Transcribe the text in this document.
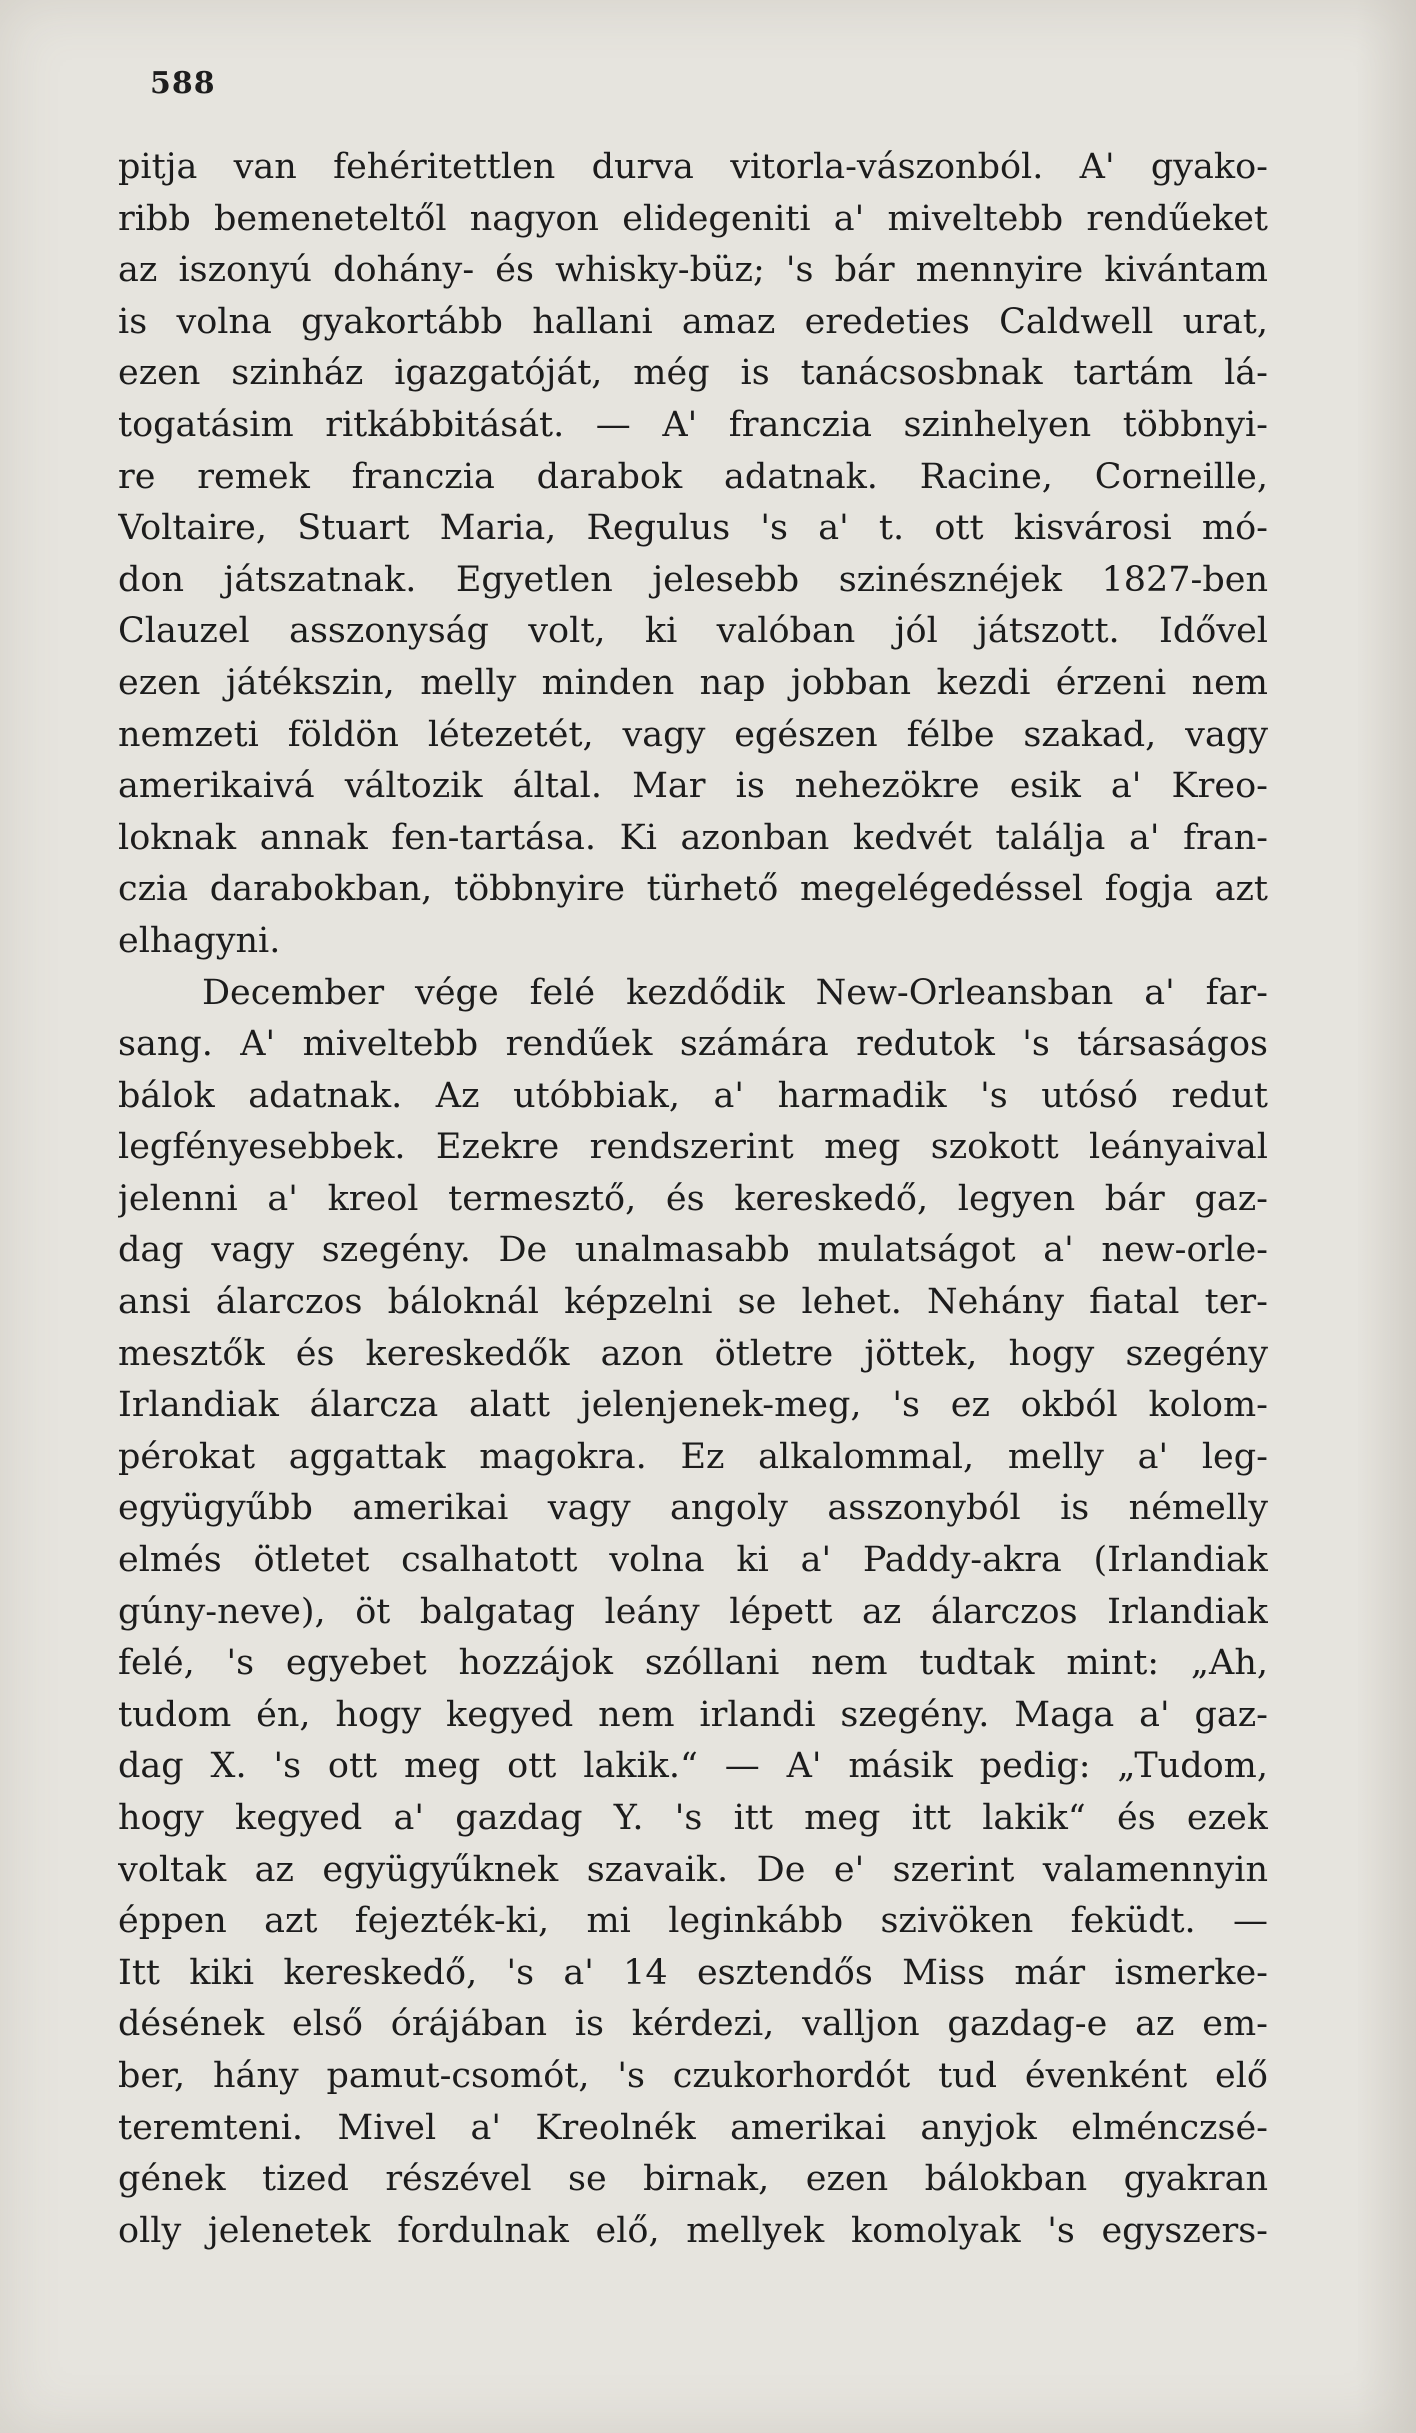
588
pitja van fehéritettlen durva vitorla-vászonból. A' gyako-
ribb bemeneteltől nagyon elidegeniti a' miveltebb rendűeket
az iszonyú dohány- és whisky-büz; 's bár mennyire kivántam
is volna gyakortább hallani amaz eredeties Caldwell urat,
ezen szinház igazgatóját, még is tanácsosbnak tartám lá-
togatásim ritkábbitását. — A' franczia szinhelyen többnyi-
re remek franczia darabok adatnak. Racine, Corneille,
Voltaire, Stuart Maria, Regulus 's a' t. ott kisvárosi mó-
don játszatnak. Egyetlen jelesebb szinésznéjek 1827-ben
Clauzel asszonyság volt, ki valóban jól játszott. Idővel
ezen játékszin, melly minden nap jobban kezdi érzeni nem
nemzeti földön létezetét, vagy egészen félbe szakad, vagy
amerikaivá változik által. Mar is nehezökre esik a' Kreo-
loknak annak fen-tartása. Ki azonban kedvét találja a' fran-
czia darabokban, többnyire türhető megelégedéssel fogja azt
elhagyni.
December vége felé kezdődik New-Orleansban a' far-
sang. A' miveltebb rendűek számára redutok 's társaságos
bálok adatnak. Az utóbbiak, a' harmadik 's utósó redut
legfényesebbek. Ezekre rendszerint meg szokott leányaival
jelenni a' kreol termesztő, és kereskedő, legyen bár gaz-
dag vagy szegény. De unalmasabb mulatságot a' new-orle-
ansi álarczos báloknál képzelni se lehet. Nehány fiatal ter-
mesztők és kereskedők azon ötletre jöttek, hogy szegény
Irlandiak álarcza alatt jelenjenek-meg, 's ez okból kolom-
pérokat aggattak magokra. Ez alkalommal, melly a' leg-
együgyűbb amerikai vagy angoly asszonyból is némelly
elmés ötletet csalhatott volna ki a' Paddy-akra (Irlandiak
gúny-neve), öt balgatag leány lépett az álarczos Irlandiak
felé, 's egyebet hozzájok szóllani nem tudtak mint: „Ah,
tudom én, hogy kegyed nem irlandi szegény. Maga a' gaz-
dag X. 's ott meg ott lakik.“ — A' másik pedig: „Tudom,
hogy kegyed a' gazdag Y. 's itt meg itt lakik“ és ezek
voltak az együgyűknek szavaik. De e' szerint valamennyin
éppen azt fejezték-ki, mi leginkább szivöken feküdt. —
Itt kiki kereskedő, 's a' 14 esztendős Miss már ismerke-
désének első órájában is kérdezi, valljon gazdag-e az em-
ber, hány pamut-csomót, 's czukorhordót tud évenként elő
teremteni. Mivel a' Kreolnék amerikai anyjok elménczsé-
gének tized részével se birnak, ezen bálokban gyakran
olly jelenetek fordulnak elő, mellyek komolyak 's egyszers-
